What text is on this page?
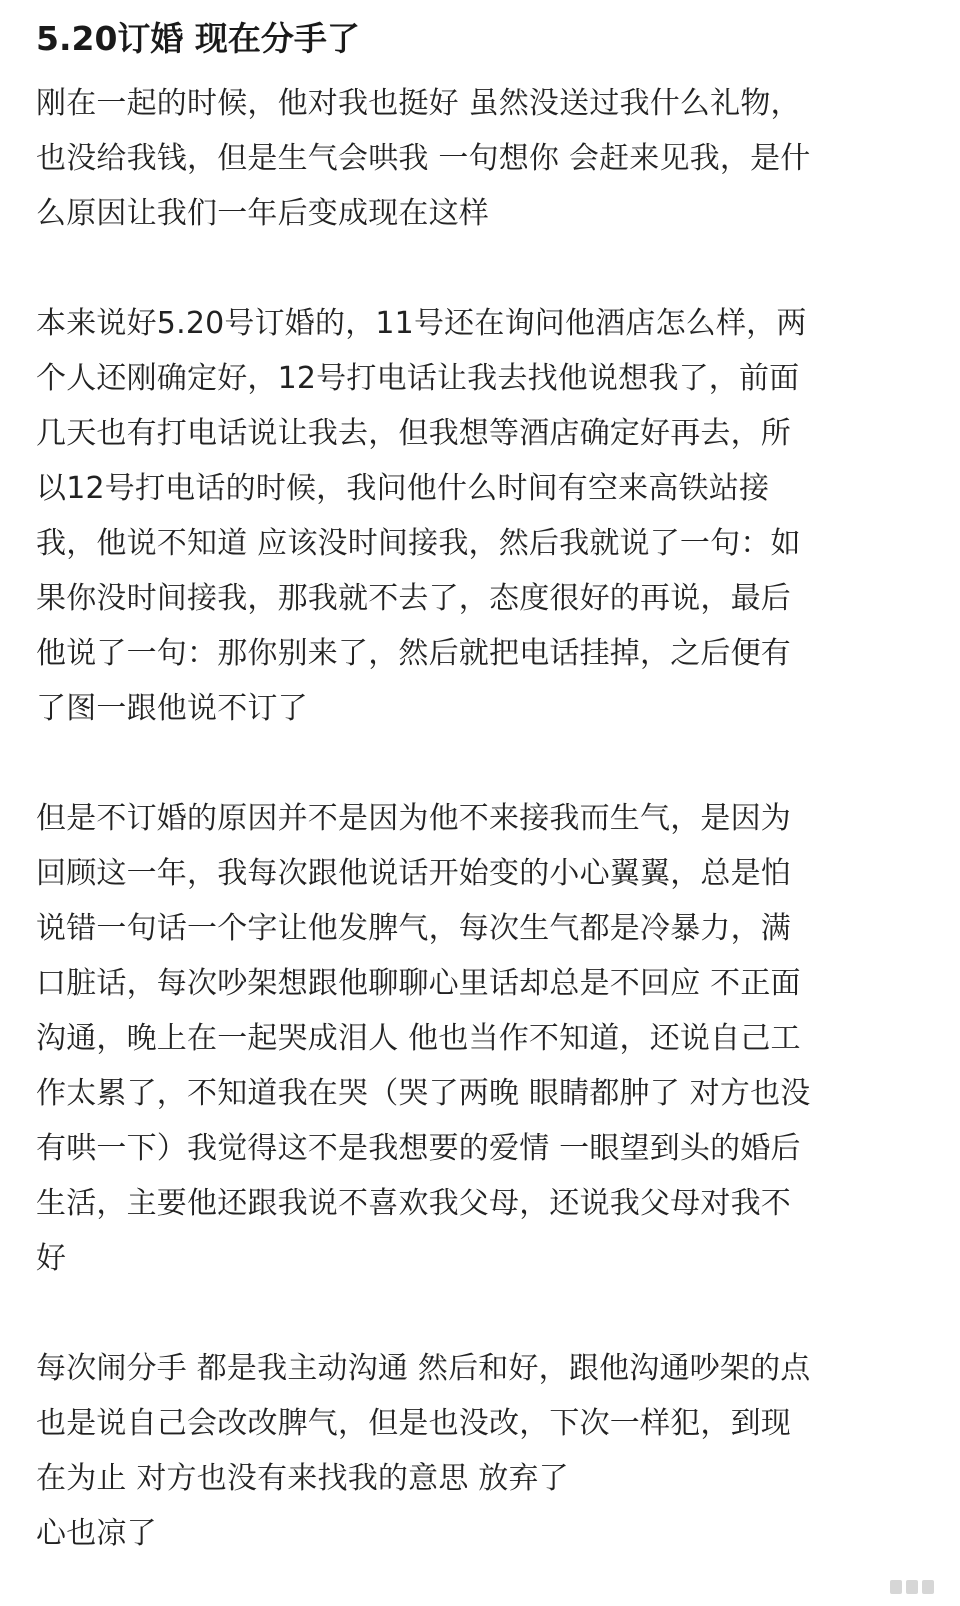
5.20订婚 现在分手了
刚在一起的时候，他对我也挺好 虽然没送过我什么礼物，
也没给我钱，但是生气会哄我 一句想你 会赶来见我，是什
么原因让我们一年后变成现在这样
本来说好5.20号订婚的，11号还在询问他酒店怎么样，两
个人还刚确定好，12号打电话让我去找他说想我了，前面
几天也有打电话说让我去，但我想等酒店确定好再去，所
以12号打电话的时候，我问他什么时间有空来高铁站接
我，他说不知道 应该没时间接我，然后我就说了一句：如
果你没时间接我，那我就不去了，态度很好的再说，最后
他说了一句：那你别来了，然后就把电话挂掉，之后便有
了图一跟他说不订了
但是不订婚的原因并不是因为他不来接我而生气，是因为
回顾这一年，我每次跟他说话开始变的小心翼翼，总是怕
说错一句话一个字让他发脾气，每次生气都是冷暴力，满
口脏话，每次吵架想跟他聊聊心里话却总是不回应 不正面
沟通，晚上在一起哭成泪人 他也当作不知道，还说自己工
作太累了，不知道我在哭（哭了两晚 眼睛都肿了 对方也没
有哄一下）我觉得这不是我想要的爱情 一眼望到头的婚后
生活，主要他还跟我说不喜欢我父母，还说我父母对我不
好
每次闹分手 都是我主动沟通 然后和好，跟他沟通吵架的点
也是说自己会改改脾气，但是也没改，下次一样犯，到现
在为止 对方也没有来找我的意思 放弃了
心也凉了
